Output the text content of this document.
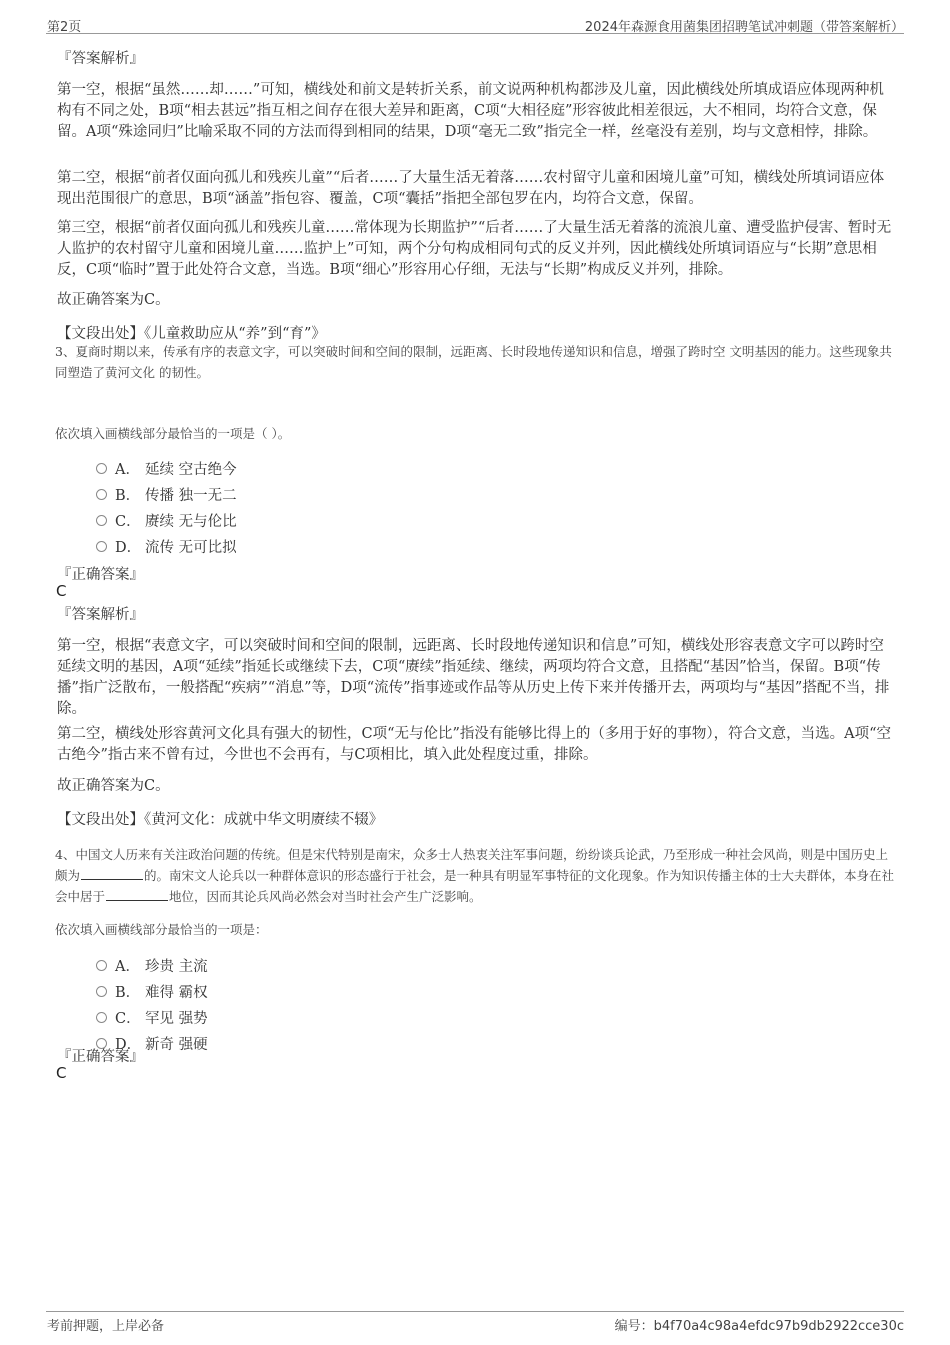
第2页	2024年森源食用菌集团招聘笔试冲刺题（带答案解析）
『答案解析』
第一空，根据“虽然……却……”可知，横线处和前文是转折关系，前文说两种机构都涉及儿童，因此横线处所填成语应体现两种机构有不同之处，B项“相去甚远”指互相之间存在很大差异和距离，C项“大相径庭”形容彼此相差很远，大不相同，均符合文意，保留。A项“殊途同归”比喻采取不同的方法而得到相同的结果，D项“毫无二致”指完全一样，丝毫没有差别，均与文意相悖，排除。
第二空，根据“前者仅面向孤儿和残疾儿童”“后者……了大量生活无着落……农村留守儿童和困境儿童”可知，横线处所填词语应体现出范围很广的意思，B项“涵盖”指包容、覆盖，C项“囊括”指把全部包罗在内，均符合文意，保留。
第三空，根据“前者仅面向孤儿和残疾儿童……常体现为长期监护”“后者……了大量生活无着落的流浪儿童、遭受监护侵害、暂时无人监护的农村留守儿童和困境儿童……监护上”可知，两个分句构成相同句式的反义并列，因此横线处所填词语应与“长期”意思相反，C项“临时”置于此处符合文意，当选。B项“细心”形容用心仔细，无法与“长期”构成反义并列，排除。
故正确答案为C。
【文段出处】《儿童救助应从“养”到“育”》
3、夏商时期以来，传承有序的表意文字，可以突破时间和空间的限制，远距离、长时段地传递知识和信息，增强了跨时空 文明基因的能力。这些现象共同塑造了黄河文化 的韧性。
依次填入画横线部分最恰当的一项是（ ）。
A． 延续 空古绝今
B． 传播 独一无二
C． 赓续 无与伦比
D． 流传 无可比拟
『正确答案』
C
『答案解析』
第一空，根据“表意文字，可以突破时间和空间的限制，远距离、长时段地传递知识和信息”可知，横线处形容表意文字可以跨时空延续文明的基因，A项“延续”指延长或继续下去，C项“赓续”指延续、继续，两项均符合文意，且搭配“基因”恰当，保留。B项“传播”指广泛散布，一般搭配“疾病”“消息”等，D项“流传”指事迹或作品等从历史上传下来并传播开去，两项均与“基因”搭配不当，排除。
第二空，横线处形容黄河文化具有强大的韧性，C项“无与伦比”指没有能够比得上的（多用于好的事物），符合文意，当选。A项“空古绝今”指古来不曾有过，今世也不会再有，与C项相比，填入此处程度过重，排除。
故正确答案为C。
【文段出处】《黄河文化：成就中华文明赓续不辍》
4、中国文人历来有关注政治问题的传统。但是宋代特别是南宋，众多士人热衷关注军事问题，纷纷谈兵论武，乃至形成一种社会风尚，则是中国历史上颇为	的。南宋文人论兵以一种群体意识的形态盛行于社会，是一种具有明显军事特征的文化现象。作为知识传播主体的士大夫群体，本身在社会中居于	地位，因而其论兵风尚必然会对当时社会产生广泛影响。
依次填入画横线部分最恰当的一项是：
A． 珍贵 主流
B． 难得 霸权
C． 罕见 强势
D． 新奇 强硬
『正确答案』
C
考前押题，上岸必备	编号：b4f70a4c98a4efdc97b9db2922cce30c
